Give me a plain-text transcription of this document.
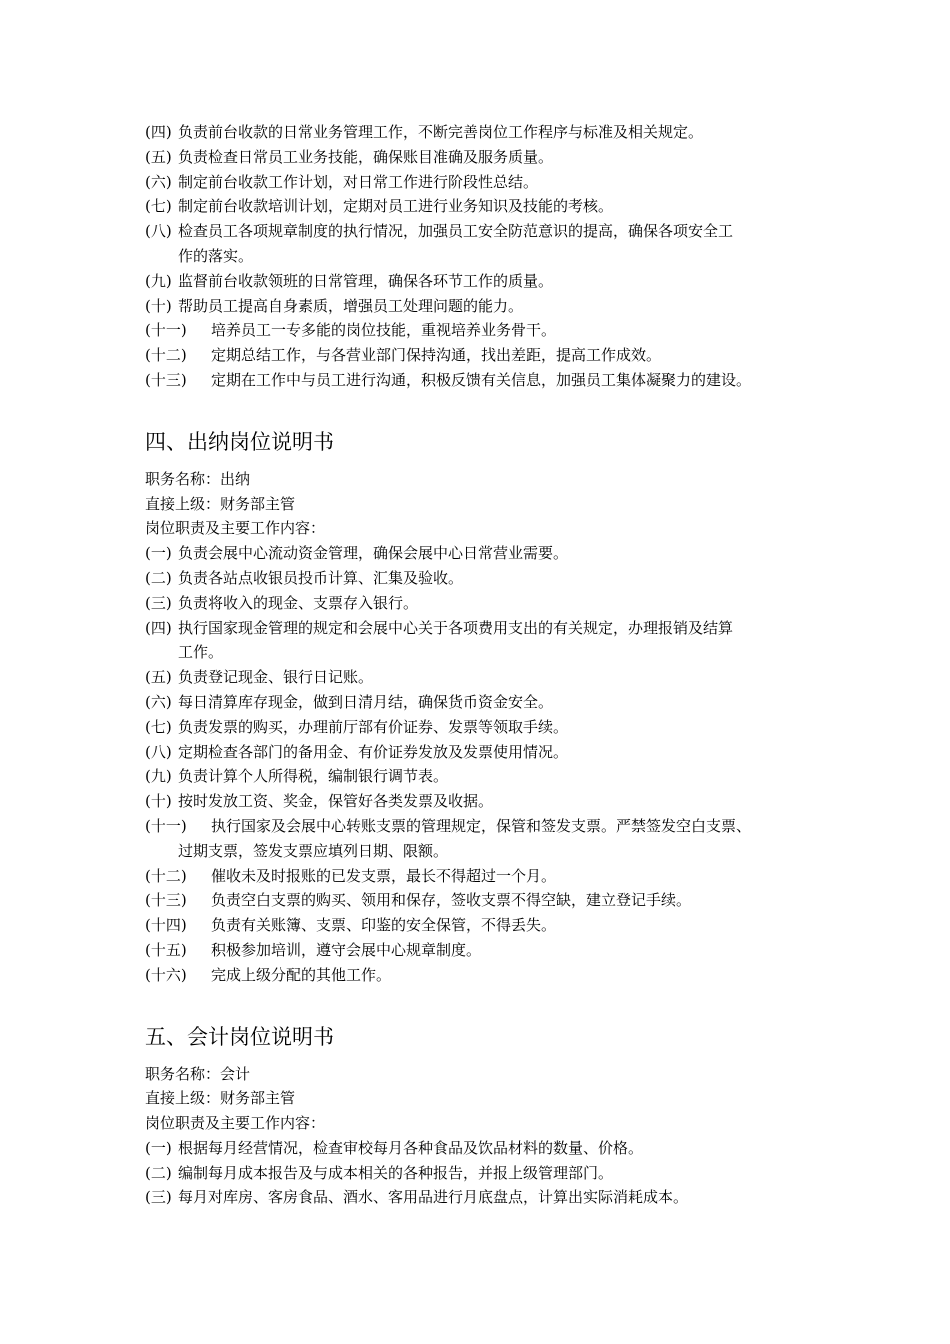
(四) 负责前台收款的日常业务管理工作，不断完善岗位工作程序与标准及相关规定。
(五) 负责检查日常员工业务技能，确保账目准确及服务质量。
(六) 制定前台收款工作计划，对日常工作进行阶段性总结。
(七) 制定前台收款培训计划，定期对员工进行业务知识及技能的考核。
(八) 检查员工各项规章制度的执行情况，加强员工安全防范意识的提高，确保各项安全工
作的落实。
(九) 监督前台收款领班的日常管理，确保各环节工作的质量。
(十) 帮助员工提高自身素质，增强员工处理问题的能力。
(十一) 培养员工一专多能的岗位技能，重视培养业务骨干。
(十二) 定期总结工作，与各营业部门保持沟通，找出差距，提高工作成效。
(十三) 定期在工作中与员工进行沟通，积极反馈有关信息，加强员工集体凝聚力的建设。
四、出纳岗位说明书
职务名称：出纳
直接上级：财务部主管
岗位职责及主要工作内容：
(一) 负责会展中心流动资金管理，确保会展中心日常营业需要。
(二) 负责各站点收银员投币计算、汇集及验收。
(三) 负责将收入的现金、支票存入银行。
(四) 执行国家现金管理的规定和会展中心关于各项费用支出的有关规定，办理报销及结算
工作。
(五) 负责登记现金、银行日记账。
(六) 每日清算库存现金，做到日清月结，确保货币资金安全。
(七) 负责发票的购买，办理前厅部有价证券、发票等领取手续。
(八) 定期检查各部门的备用金、有价证券发放及发票使用情况。
(九) 负责计算个人所得税，编制银行调节表。
(十) 按时发放工资、奖金，保管好各类发票及收据。
(十一) 执行国家及会展中心转账支票的管理规定，保管和签发支票。严禁签发空白支票、
过期支票，签发支票应填列日期、限额。
(十二) 催收未及时报账的已发支票，最长不得超过一个月。
(十三) 负责空白支票的购买、领用和保存，签收支票不得空缺，建立登记手续。
(十四) 负责有关账簿、支票、印鉴的安全保管，不得丢失。
(十五) 积极参加培训，遵守会展中心规章制度。
(十六) 完成上级分配的其他工作。
五、会计岗位说明书
职务名称：会计
直接上级：财务部主管
岗位职责及主要工作内容：
(一) 根据每月经营情况，检查审校每月各种食品及饮品材料的数量、价格。
(二) 编制每月成本报告及与成本相关的各种报告，并报上级管理部门。
(三) 每月对库房、客房食品、酒水、客用品进行月底盘点，计算出实际消耗成本。
